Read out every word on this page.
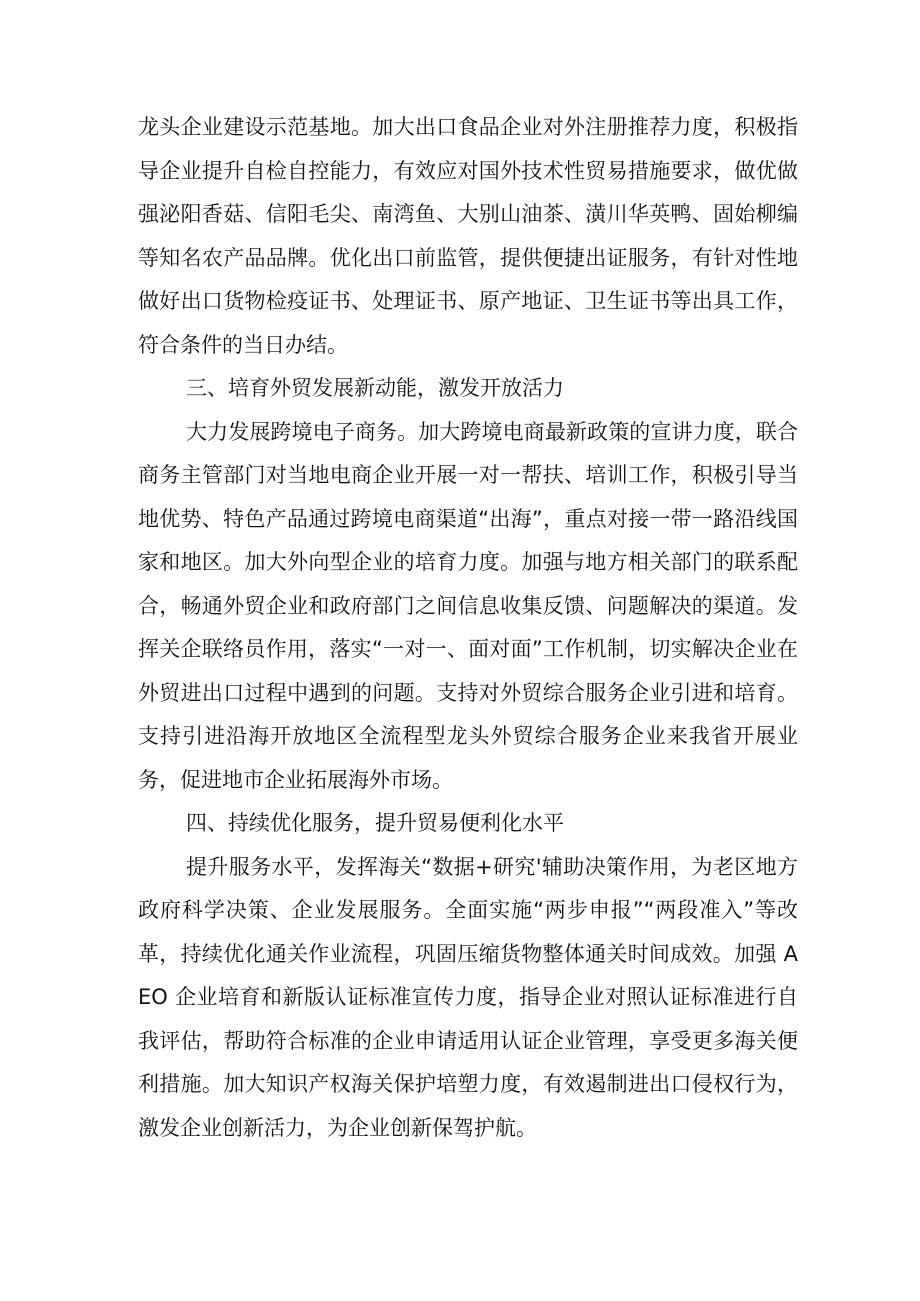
龙头企业建设示范基地。加大出口食品企业对外注册推荐力度，积极指导企业提升自检自控能力，有效应对国外技术性贸易措施要求，做优做强泌阳香菇、信阳毛尖、南湾鱼、大别山油茶、潢川华英鸭、固始柳编等知名农产品品牌。优化出口前监管，提供便捷出证服务，有针对性地做好出口货物检疫证书、处理证书、原产地证、卫生证书等出具工作，符合条件的当日办结。

三、培育外贸发展新动能，激发开放活力

大力发展跨境电子商务。加大跨境电商最新政策的宣讲力度，联合商务主管部门对当地电商企业开展一对一帮扶、培训工作，积极引导当地优势、特色产品通过跨境电商渠道“出海”，重点对接一带一路沿线国家和地区。加大外向型企业的培育力度。加强与地方相关部门的联系配合，畅通外贸企业和政府部门之间信息收集反馈、问题解决的渠道。发挥关企联络员作用，落实“一对一、面对面”工作机制，切实解决企业在外贸进出口过程中遇到的问题。支持对外贸综合服务企业引进和培育。支持引进沿海开放地区全流程型龙头外贸综合服务企业来我省开展业务，促进地市企业拓展海外市场。

四、持续优化服务，提升贸易便利化水平

提升服务水平，发挥海关“数据+研究'辅助决策作用，为老区地方政府科学决策、企业发展服务。全面实施“两步申报”“两段准入”等改革，持续优化通关作业流程，巩固压缩货物整体通关时间成效。加强 AEO 企业培育和新版认证标准宣传力度，指导企业对照认证标准进行自我评估，帮助符合标准的企业申请适用认证企业管理，享受更多海关便利措施。加大知识产权海关保护培塑力度，有效遏制进出口侵权行为，激发企业创新活力，为企业创新保驾护航。
